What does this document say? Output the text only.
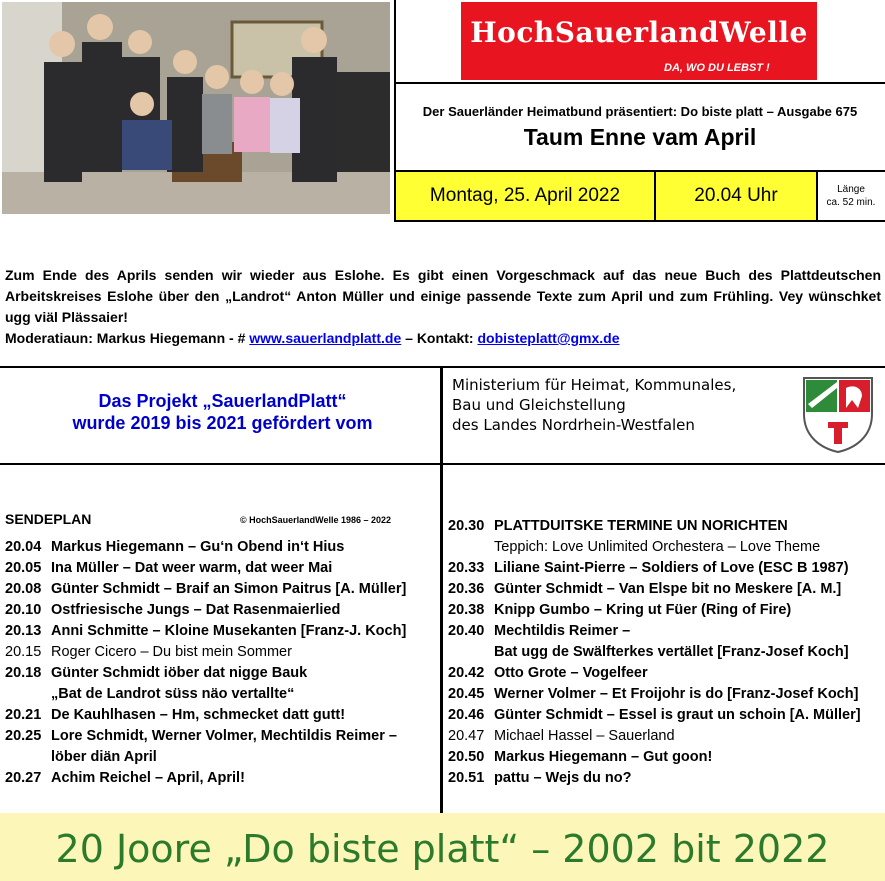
HochSauerlandWelle
DA, WO DU LEBST !
Der Sauerländer Heimatbund präsentiert: Do biste platt – Ausgabe 675
Taum Enne vam April
Montag, 25. April 2022	20.04 Uhr	Länge
ca. 52 min.
Zum Ende des Aprils senden wir wieder aus Eslohe. Es gibt einen Vorgeschmack auf das neue Buch des Plattdeutschen Arbeitskreises Eslohe über den „Landrot“ Anton Müller und einige passende Texte zum April und zum Frühling. Vey wünschket ugg viäl Plässaier!
Moderatiaun: Markus Hiegemann - # www.sauerlandplatt.de – Kontakt: dobisteplatt@gmx.de
Das Projekt „SauerlandPlatt“
wurde 2019 bis 2021 gefördert vom
Ministerium für Heimat, Kommunales,
Bau und Gleichstellung
des Landes Nordrhein-Westfalen
SENDEPLAN	© HochSauerlandWelle 1986 – 2022
20.04 Markus Hiegemann – Gu‘n Obend in‘t Hius
20.05 Ina Müller – Dat weer warm, dat weer Mai
20.08 Günter Schmidt – Braif an Simon Paitrus [A. Müller]
20.10 Ostfriesische Jungs – Dat Rasenmaierlied
20.13 Anni Schmitte – Kloine Musekanten [Franz-J. Koch]
20.15 Roger Cicero – Du bist mein Sommer
20.18 Günter Schmidt iöber dat nigge Bauk
„Bat de Landrot süss näo vertallte“
20.21 De Kauhlhasen – Hm, schmecket datt gutt!
20.25 Lore Schmidt, Werner Volmer, Mechtildis Reimer –
löber diän April
20.27 Achim Reichel – April, April!
20.30 PLATTDUITSKE TERMINE UN NORICHTEN
Teppich: Love Unlimited Orchestera – Love Theme
20.33 Liliane Saint-Pierre – Soldiers of Love (ESC B 1987)
20.36 Günter Schmidt – Van Elspe bit no Meskere [A. M.]
20.38 Knipp Gumbo – Kring ut Füer (Ring of Fire)
20.40 Mechtildis Reimer –
Bat ugg de Swälfterkes vertället [Franz-Josef Koch]
20.42 Otto Grote – Vogelfeer
20.45 Werner Volmer – Et Froijohr is do [Franz-Josef Koch]
20.46 Günter Schmidt – Essel is graut un schoin [A. Müller]
20.47 Michael Hassel – Sauerland
20.50 Markus Hiegemann – Gut goon!
20.51 pattu – Wejs du no?
20 Joore „Do biste platt“ – 2002 bit 2022
